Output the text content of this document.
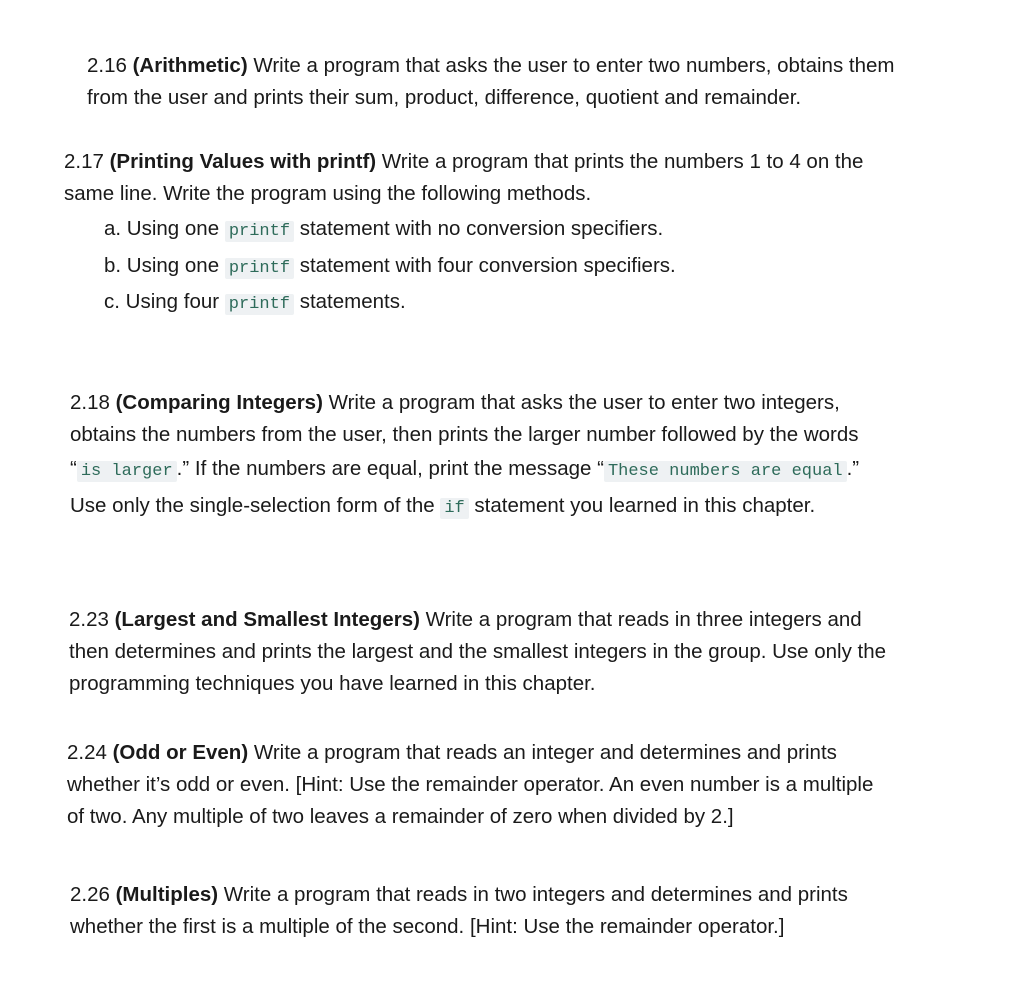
2.16 (Arithmetic) Write a program that asks the user to enter two numbers, obtains them
from the user and prints their sum, product, difference, quotient and remainder.
2.17 (Printing Values with printf) Write a program that prints the numbers 1 to 4 on the
same line. Write the program using the following methods.
a. Using one printf statement with no conversion specifiers.
b. Using one printf statement with four conversion specifiers.
c. Using four printf statements.
2.18 (Comparing Integers) Write a program that asks the user to enter two integers,
obtains the numbers from the user, then prints the larger number followed by the words
“ is larger .” If the numbers are equal, print the message “ These numbers are equal .”
Use only the single-selection form of the if statement you learned in this chapter.
2.23 (Largest and Smallest Integers) Write a program that reads in three integers and
then determines and prints the largest and the smallest integers in the group. Use only the
programming techniques you have learned in this chapter.
2.24 (Odd or Even) Write a program that reads an integer and determines and prints
whether it’s odd or even. [Hint: Use the remainder operator. An even number is a multiple
of two. Any multiple of two leaves a remainder of zero when divided by 2.]
2.26 (Multiples) Write a program that reads in two integers and determines and prints
whether the first is a multiple of the second. [Hint: Use the remainder operator.]
